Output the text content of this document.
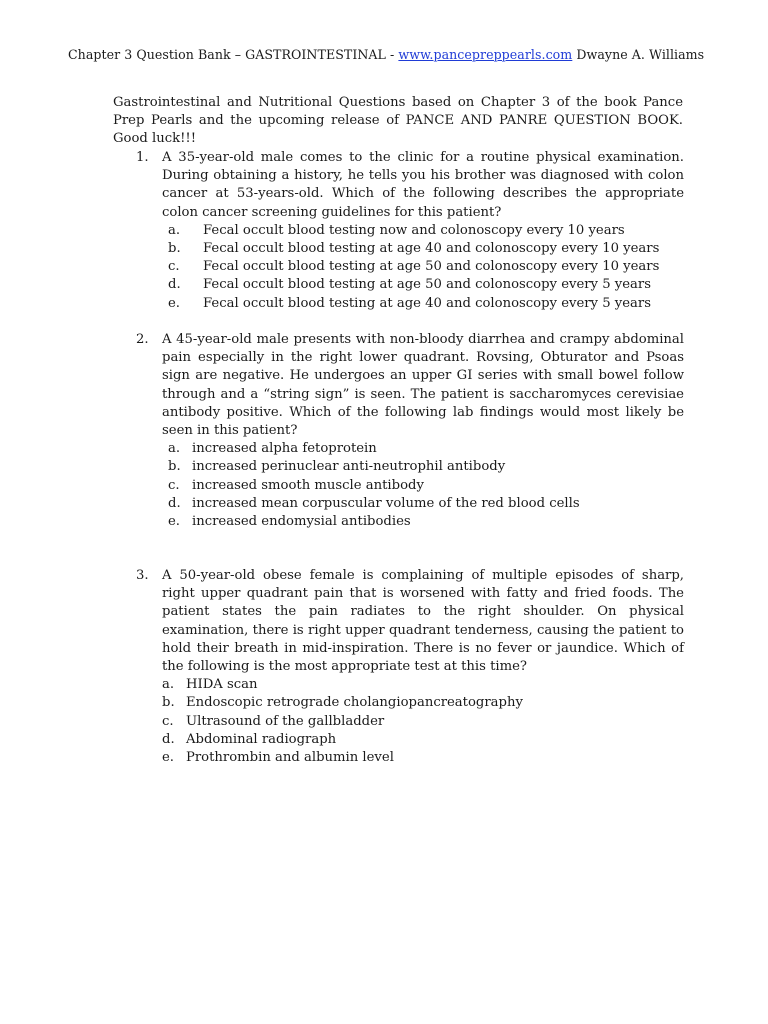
Chapter 3 Question Bank – GASTROINTESTINAL - www.pancepreppearls.com Dwayne A. Williams
Gastrointestinal and Nutritional Questions based on Chapter 3 of the book Pance Prep Pearls and the upcoming release of PANCE AND PANRE QUESTION BOOK. Good luck!!!
1. A 35-year-old male comes to the clinic for a routine physical examination. During obtaining a history, he tells you his brother was diagnosed with colon cancer at 53-years-old. Which of the following describes the appropriate colon cancer screening guidelines for this patient?
a. Fecal occult blood testing now and colonoscopy every 10 years
b. Fecal occult blood testing at age 40 and colonoscopy every 10 years
c. Fecal occult blood testing at age 50 and colonoscopy every 10 years
d. Fecal occult blood testing at age 50 and colonoscopy every 5 years
e. Fecal occult blood testing at age 40 and colonoscopy every 5 years
2. A 45-year-old male presents with non-bloody diarrhea and crampy abdominal pain especially in the right lower quadrant. Rovsing, Obturator and Psoas sign are negative. He undergoes an upper GI series with small bowel follow through and a “string sign” is seen. The patient is saccharomyces cerevisiae antibody positive. Which of the following lab findings would most likely be seen in this patient?
a. increased alpha fetoprotein
b. increased perinuclear anti-neutrophil antibody
c. increased smooth muscle antibody
d. increased mean corpuscular volume of the red blood cells
e. increased endomysial antibodies
3. A 50-year-old obese female is complaining of multiple episodes of sharp, right upper quadrant pain that is worsened with fatty and fried foods. The patient states the pain radiates to the right shoulder. On physical examination, there is right upper quadrant tenderness, causing the patient to hold their breath in mid-inspiration. There is no fever or jaundice. Which of the following is the most appropriate test at this time?
a. HIDA scan
b. Endoscopic retrograde cholangiopancreatography
c. Ultrasound of the gallbladder
d. Abdominal radiograph
e. Prothrombin and albumin level
